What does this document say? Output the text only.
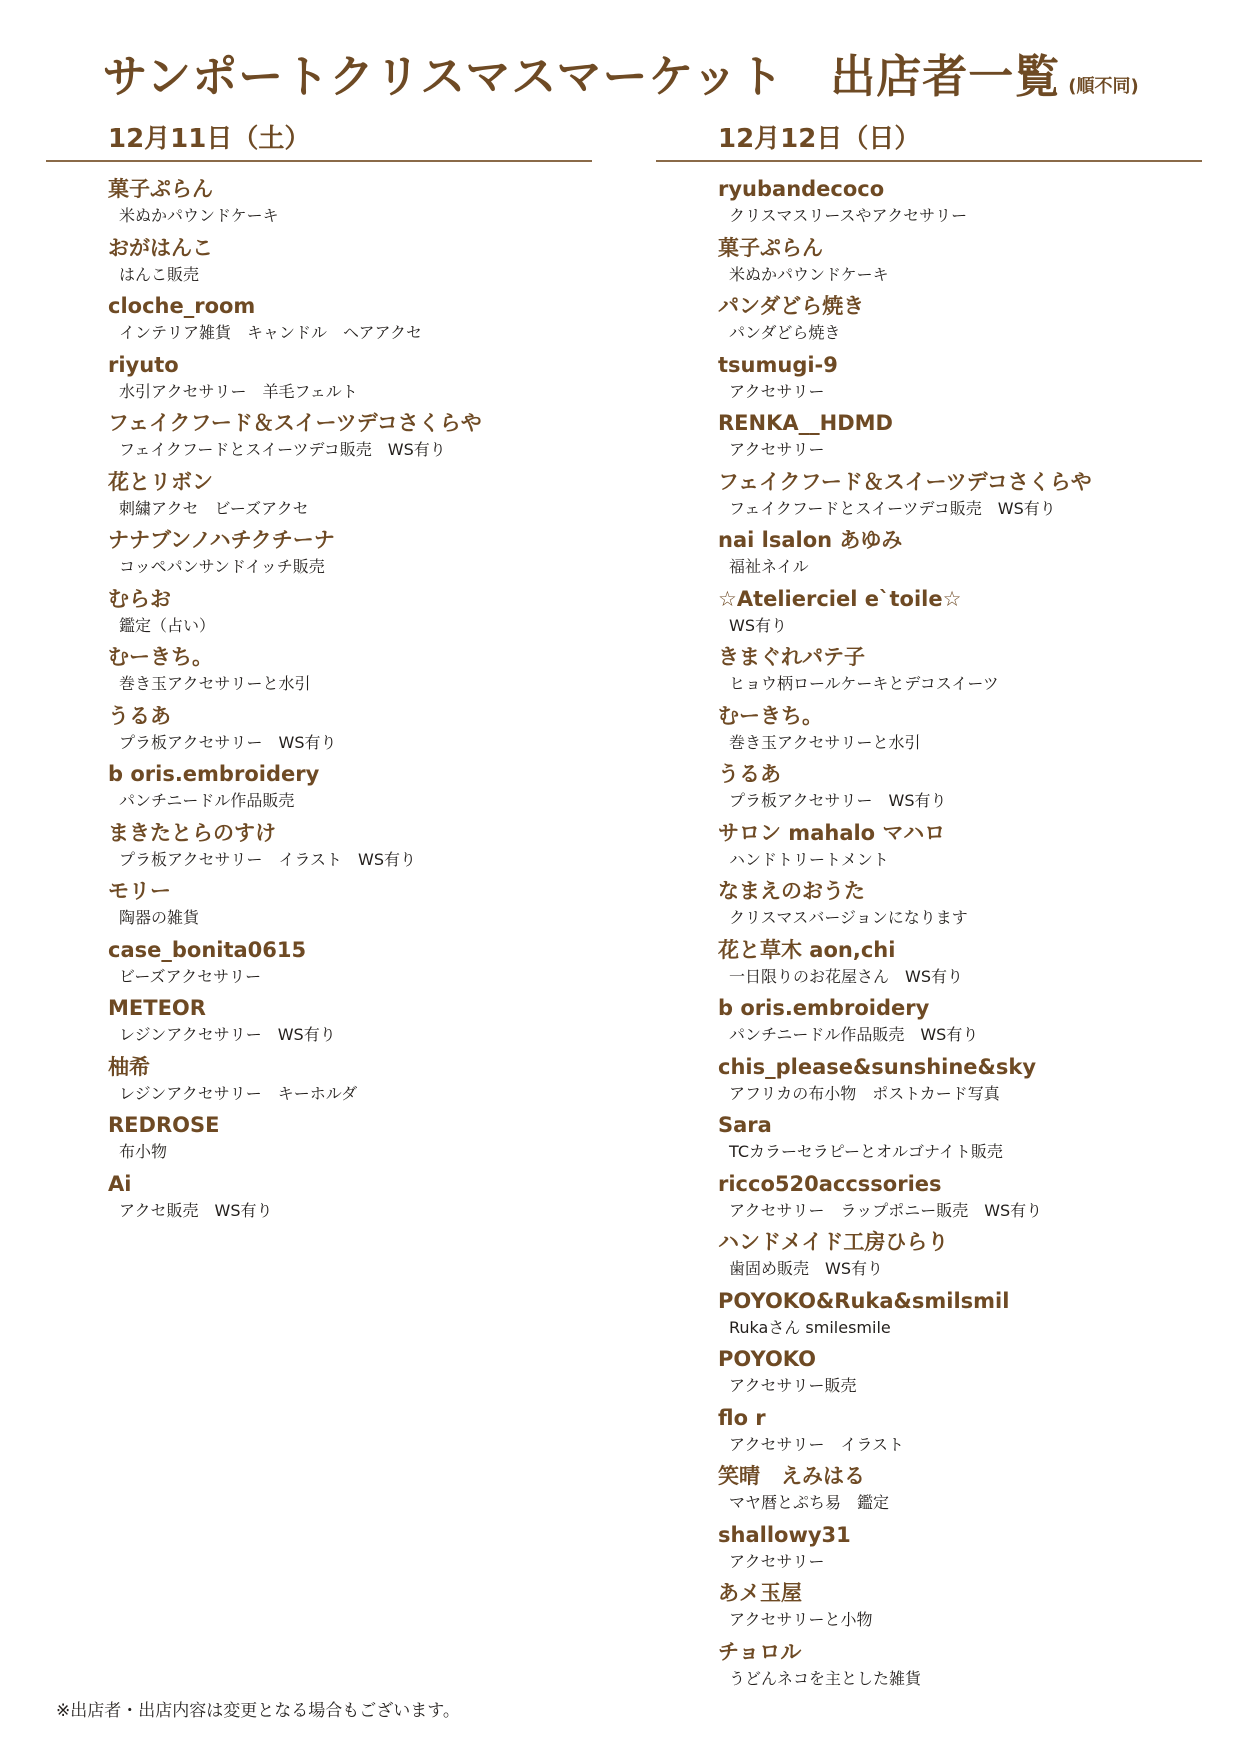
サンポートクリスマスマーケット　出店者一覧 (順不同)
12月11日（土）
菓子ぷらん
米ぬかパウンドケーキ
おがはんこ
はんこ販売
cloche_room
インテリア雑貨　キャンドル　ヘアアクセ
riyuto
水引アクセサリー　羊毛フェルト
フェイクフード＆スイーツデコさくらや
フェイクフードとスイーツデコ販売　WS有り
花とリボン
刺繍アクセ　ビーズアクセ
ナナブンノハチクチーナ
コッペパンサンドイッチ販売
むらお
鑑定（占い）
むーきち。
巻き玉アクセサリーと水引
うるあ
プラ板アクセサリー　WS有り
b oris.embroidery
パンチニードル作品販売
まきたとらのすけ
プラ板アクセサリー　イラスト　WS有り
モリー
陶器の雑貨
case_bonita0615
ビーズアクセサリー
METEOR
レジンアクセサリー　WS有り
柚希
レジンアクセサリー　キーホルダ
REDROSE
布小物
Ai
アクセ販売　WS有り
12月12日（日）
ryubandecoco
クリスマスリースやアクセサリー
菓子ぷらん
米ぬかパウンドケーキ
パンダどら焼き
パンダどら焼き
tsumugi-9
アクセサリー
RENKA__HDMD
アクセサリー
フェイクフード＆スイーツデコさくらや
フェイクフードとスイーツデコ販売　WS有り
nai lsalon あゆみ
福祉ネイル
☆Atelierciel e`toile☆
WS有り
きまぐれパテ子
ヒョウ柄ロールケーキとデコスイーツ
むーきち。
巻き玉アクセサリーと水引
うるあ
プラ板アクセサリー　WS有り
サロン mahalo マハロ
ハンドトリートメント
なまえのおうた
クリスマスバージョンになります
花と草木 aon,chi
一日限りのお花屋さん　WS有り
b oris.embroidery
パンチニードル作品販売　WS有り
chis_please&sunshine&sky
アフリカの布小物　ポストカード写真
Sara
TCカラーセラピーとオルゴナイト販売
ricco520accssories
アクセサリー　ラップポニー販売　WS有り
ハンドメイド工房ひらり
歯固め販売　WS有り
POYOKO&Ruka&smilsmil
Rukaさん smilesmile
POYOKO
アクセサリー販売
flo r
アクセサリー　イラスト
笑晴　えみはる
マヤ暦とぷち易　鑑定
shallowy31
アクセサリー
あメ玉屋
アクセサリーと小物
チョロル
うどんネコを主とした雑貨
※出店者・出店内容は変更となる場合もございます。
